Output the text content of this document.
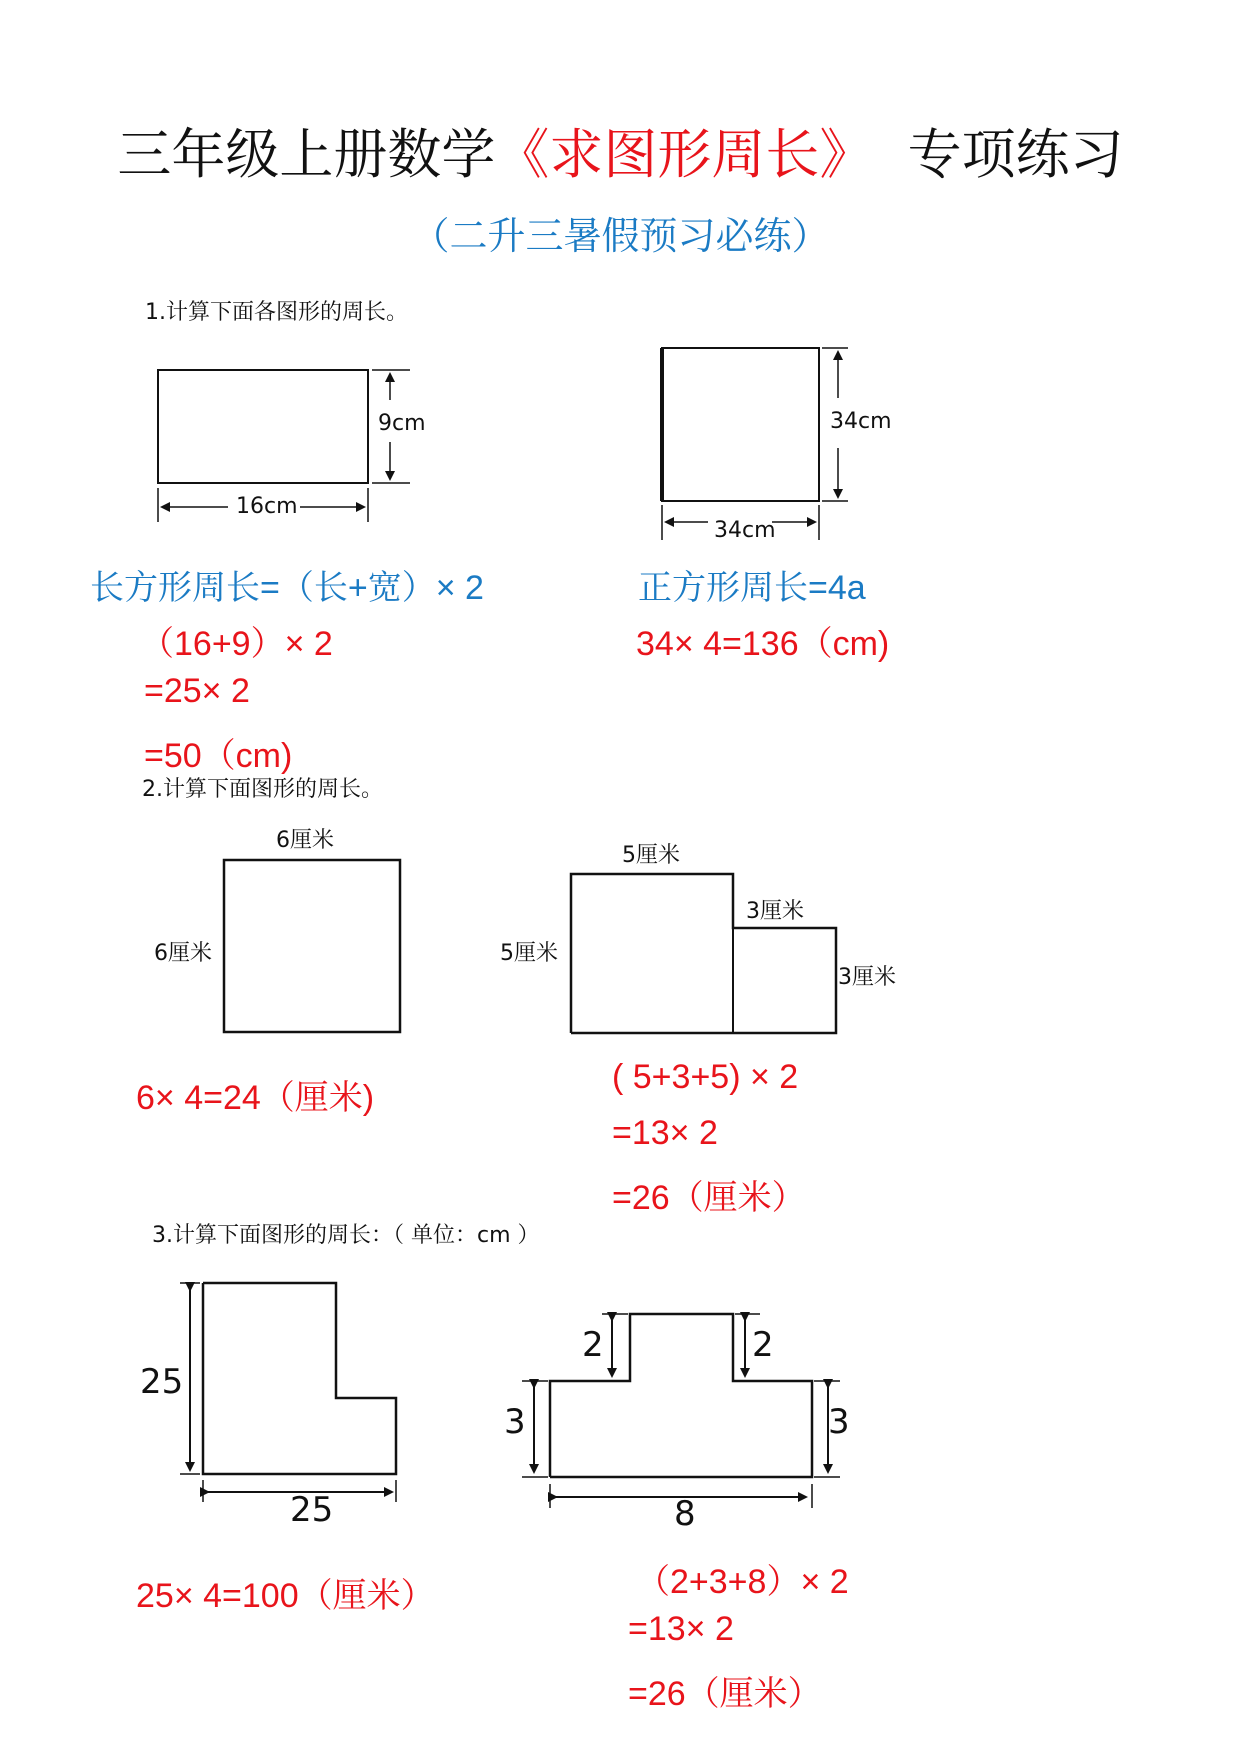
三年级上册数学《求图形周长》 专项练习
（二升三暑假预习必练）
1.计算下面各图形的周长。
9cm
16cm
34cm
34cm
长方形周长=（长+宽）× 2	正方形周长=4a
（16+9）× 2
=25× 2
=50（cm)
34× 4=136（cm)
2.计算下面图形的周长。
6厘米
6厘米
5厘米
5厘米
3厘米
3厘米
6× 4=24（厘米)
( 5+3+5) × 2
=13× 2
=26（厘米）
3.计算下面图形的周长：（ 单位：cm ）
25
25
2	2
3	3
8
25× 4=100（厘米）	（2+3+8）× 2
=13× 2
=26（厘米）
